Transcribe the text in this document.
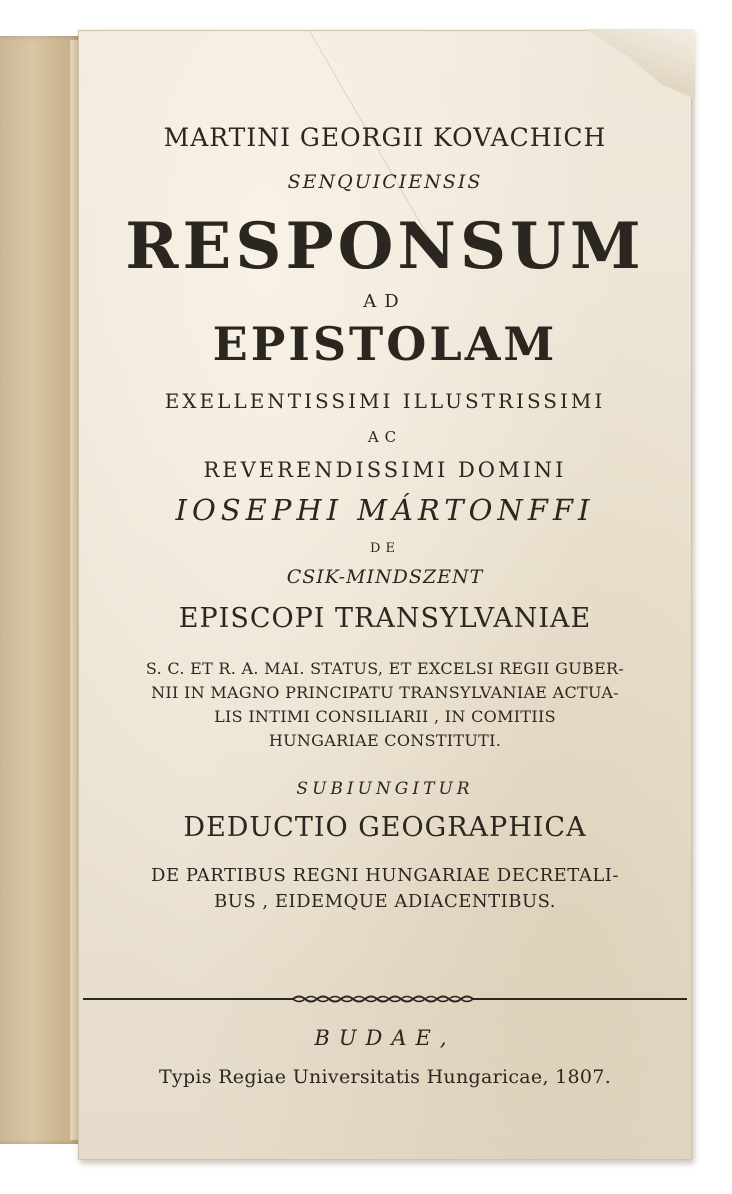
MARTINI GEORGII KOVACHICH
SENQUICIENSIS
RESPONSUM
AD
EPISTOLAM
EXELLENTISSIMI ILLUSTRISSIMI
AC
REVERENDISSIMI DOMINI
IOSEPHI MÁRTONFFI
DE
CSIK-MINDSZENT
EPISCOPI TRANSYLVANIAE
S. C. ET R. A. MAI. STATUS, ET EXCELSI REGII GUBER-
NII IN MAGNO PRINCIPATU TRANSYLVANIAE ACTUA-
LIS INTIMI CONSILIARII , IN COMITIIS
HUNGARIAE CONSTITUTI.
SUBIUNGITUR
DEDUCTIO GEOGRAPHICA
DE PARTIBUS REGNI HUNGARIAE DECRETALI-
BUS , EIDEMQUE ADIACENTIBUS.
BUDAE,
Typis Regiae Universitatis Hungaricae, 1807.
